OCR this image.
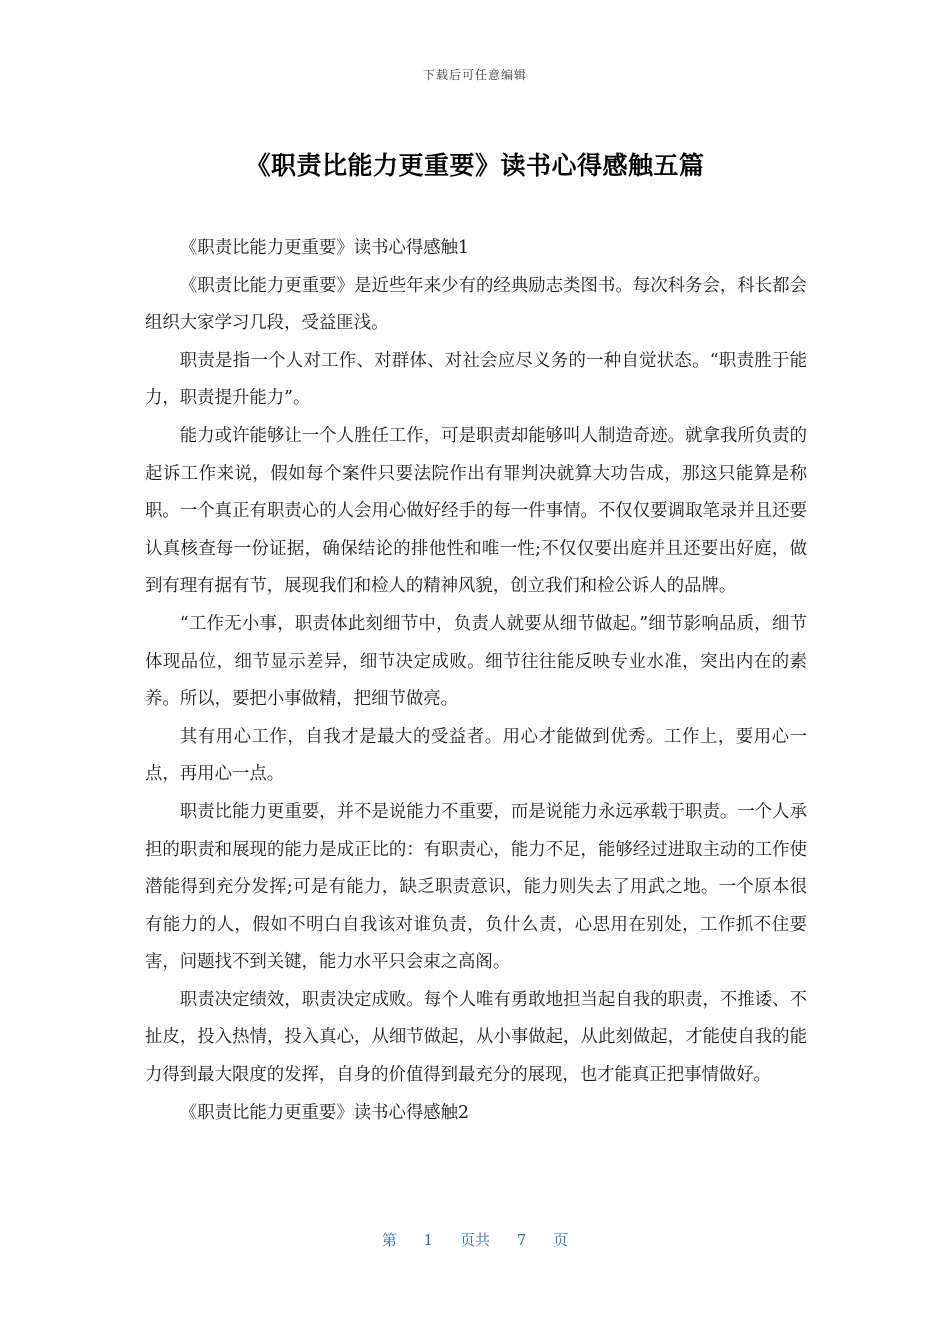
下载后可任意编辑
《职责比能力更重要》读书心得感触五篇

《职责比能力更重要》读书心得感触1

《职责比能力更重要》是近些年来少有的经典励志类图书。每次科务会，科长都会组织大家学习几段，受益匪浅。

职责是指一个人对工作、对群体、对社会应尽义务的一种自觉状态。“职责胜于能力，职责提升能力”。

能力或许能够让一个人胜任工作，可是职责却能够叫人制造奇迹。就拿我所负责的起诉工作来说，假如每个案件只要法院作出有罪判决就算大功告成，那这只能算是称职。一个真正有职责心的人会用心做好经手的每一件事情。不仅仅要调取笔录并且还要认真核查每一份证据，确保结论的排他性和唯一性;不仅仅要出庭并且还要出好庭，做到有理有据有节，展现我们和检人的精神风貌，创立我们和检公诉人的品牌。

“工作无小事，职责体此刻细节中，负责人就要从细节做起。”细节影响品质，细节体现品位，细节显示差异，细节决定成败。细节往往能反映专业水准，突出内在的素养。所以，要把小事做精，把细节做亮。

其有用心工作，自我才是最大的受益者。用心才能做到优秀。工作上，要用心一点，再用心一点。

职责比能力更重要，并不是说能力不重要，而是说能力永远承载于职责。一个人承担的职责和展现的能力是成正比的：有职责心，能力不足，能够经过进取主动的工作使潜能得到充分发挥;可是有能力，缺乏职责意识，能力则失去了用武之地。一个原本很有能力的人，假如不明白自我该对谁负责，负什么责，心思用在别处，工作抓不住要害，问题找不到关键，能力水平只会束之高阁。

职责决定绩效，职责决定成败。每个人唯有勇敢地担当起自我的职责，不推诿、不扯皮，投入热情，投入真心，从细节做起，从小事做起，从此刻做起，才能使自我的能力得到最大限度的发挥，自身的价值得到最充分的展现，也才能真正把事情做好。

《职责比能力更重要》读书心得感触2

第 1 页共 7 页
